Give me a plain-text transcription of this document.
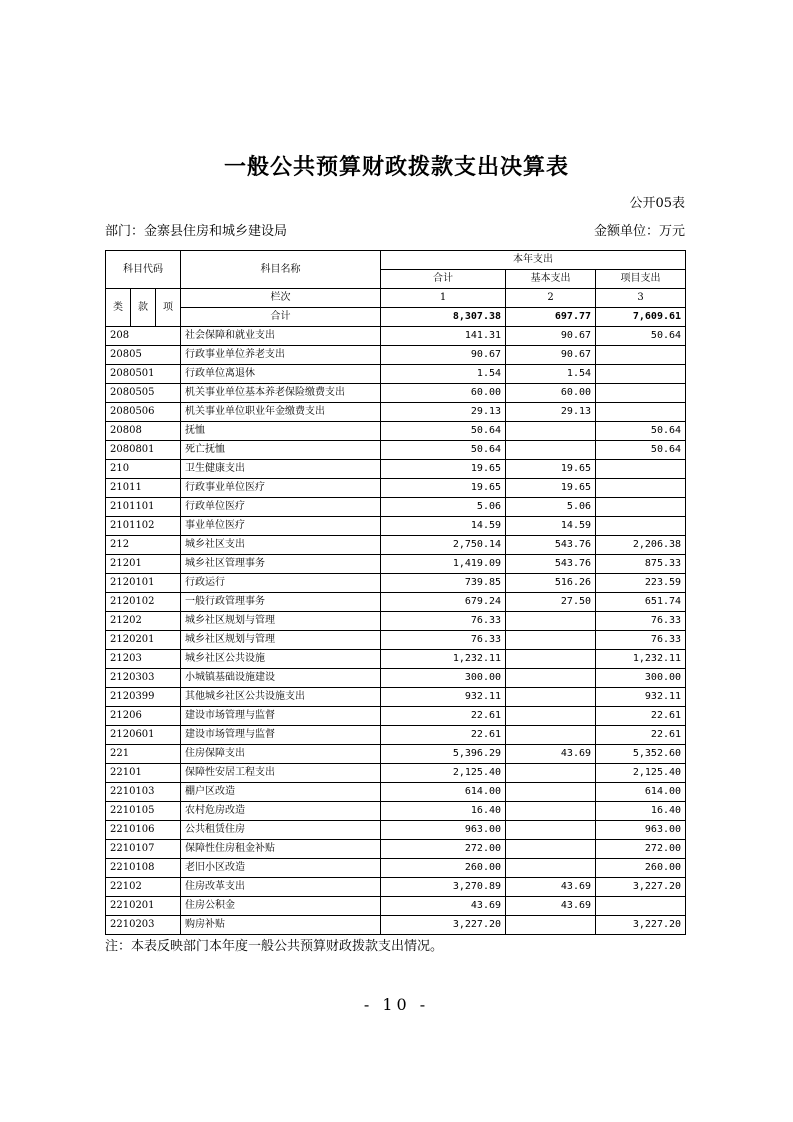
一般公共预算财政拨款支出决算表
公开05表
部门：金寨县住房和城乡建设局	金额单位：万元
科目代码			科目名称	本年支出		
				合计	基本支出	项目支出
类	款	项	栏次	1	2	3
			合计	8,307.38	697.77	7,609.61
208			社会保障和就业支出	141.31	90.67	50.64
20805			行政事业单位养老支出	90.67	90.67	
2080501			行政单位离退休	1.54	1.54	
2080505			机关事业单位基本养老保险缴费支出	60.00	60.00	
2080506			机关事业单位职业年金缴费支出	29.13	29.13	
20808			抚恤	50.64		50.64
2080801			死亡抚恤	50.64		50.64
210			卫生健康支出	19.65	19.65	
21011			行政事业单位医疗	19.65	19.65	
2101101			行政单位医疗	5.06	5.06	
2101102			事业单位医疗	14.59	14.59	
212			城乡社区支出	2,750.14	543.76	2,206.38
21201			城乡社区管理事务	1,419.09	543.76	875.33
2120101			行政运行	739.85	516.26	223.59
2120102			一般行政管理事务	679.24	27.50	651.74
21202			城乡社区规划与管理	76.33		76.33
2120201			城乡社区规划与管理	76.33		76.33
21203			城乡社区公共设施	1,232.11		1,232.11
2120303			小城镇基础设施建设	300.00		300.00
2120399			其他城乡社区公共设施支出	932.11		932.11
21206			建设市场管理与监督	22.61		22.61
2120601			建设市场管理与监督	22.61		22.61
221			住房保障支出	5,396.29	43.69	5,352.60
22101			保障性安居工程支出	2,125.40		2,125.40
2210103			棚户区改造	614.00		614.00
2210105			农村危房改造	16.40		16.40
2210106			公共租赁住房	963.00		963.00
2210107			保障性住房租金补贴	272.00		272.00
2210108			老旧小区改造	260.00		260.00
22102			住房改革支出	3,270.89	43.69	3,227.20
2210201			住房公积金	43.69	43.69	
2210203			购房补贴	3,227.20		3,227.20
注：本表反映部门本年度一般公共预算财政拨款支出情况。
- 10 -
